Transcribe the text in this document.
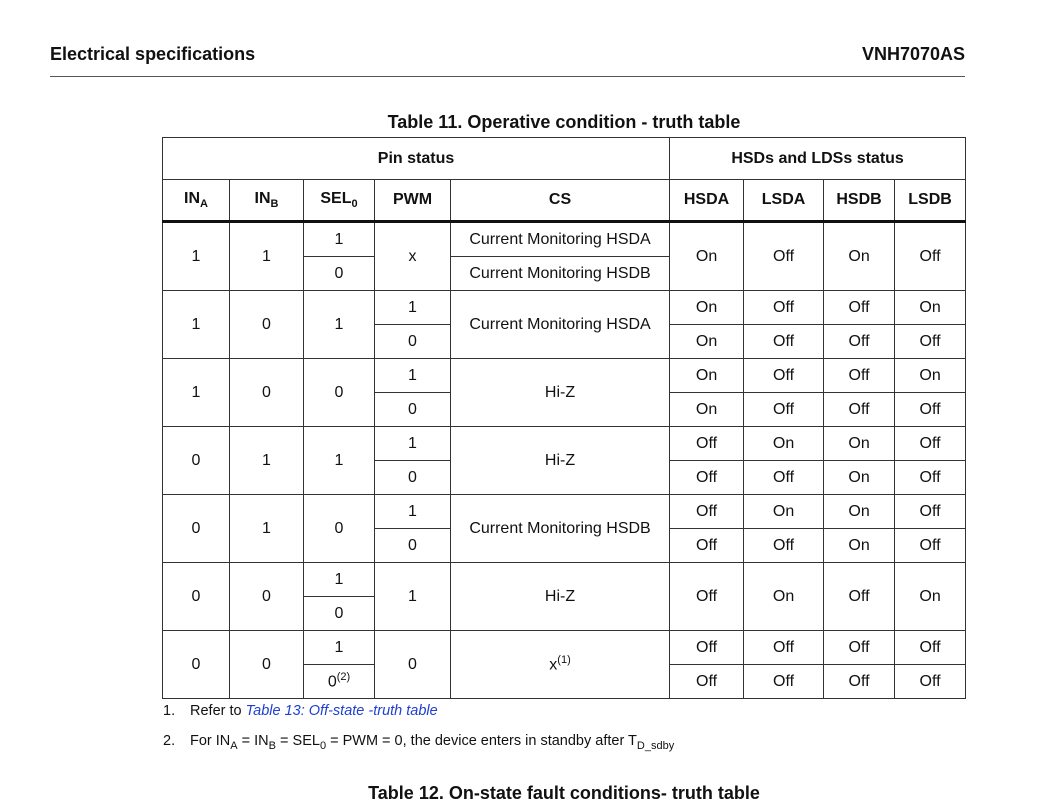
Electrical specifications	VNH7070AS
Table 11. Operative condition - truth table
Pin status					HSDs and LDSs status			
$IN_A$	$IN_B$	$SEL_0$	PWM	CS	HSDA	LSDA	HSDB	LSDB
1	1	1	x	Current Monitoring HSDA	On	Off	On	Off
		0		Current Monitoring HSDB				
1	0	1	1	Current Monitoring HSDA	On	Off	Off	On
			0		On	Off	Off	Off
1	0	0	1	Hi-Z	On	Off	Off	On
			0		On	Off	Off	Off
0	1	1	1	Hi-Z	Off	On	On	Off
			0		Off	Off	On	Off
0	1	0	1	Current Monitoring HSDB	Off	On	On	Off
			0		Off	Off	On	Off
0	0	1	1	Hi-Z	Off	On	Off	On
		0						
0	0	1	0	$x^{(1)}$	Off	Off	Off	Off
		0$^{(2)}$			Off	Off	Off	Off
1. Refer to Table 13: Off-state -truth table
2. For $IN_A = IN_B = SEL_0$ = PWM = 0, the device enters in standby after $T_{D\_sdby}$
Table 12. On-state fault conditions- truth table
